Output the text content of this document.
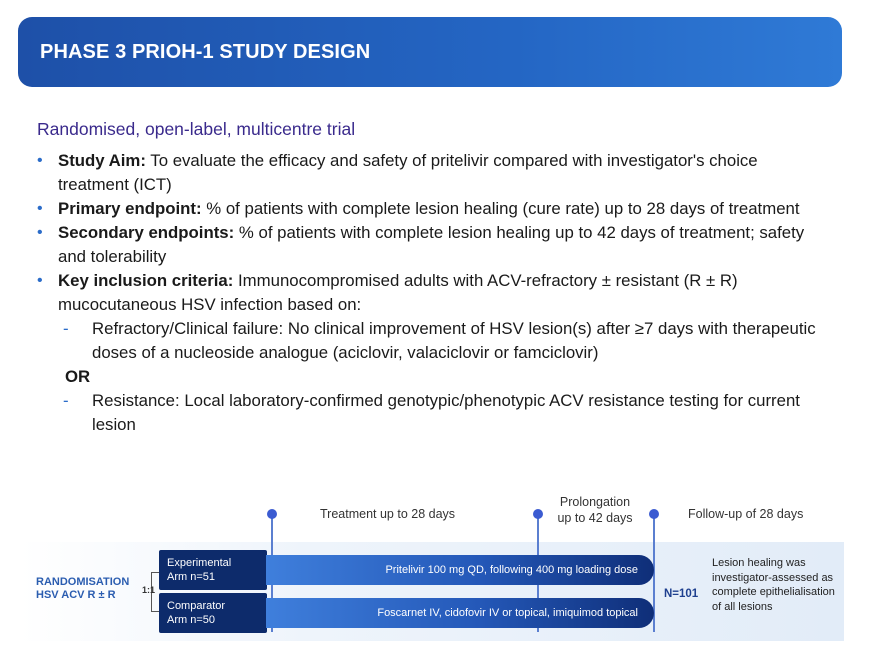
PHASE 3 PRIOH-1 STUDY DESIGN
Randomised, open-label, multicentre trial
• Study Aim: To evaluate the efficacy and safety of pritelivir compared with investigator's choice treatment (ICT)
• Primary endpoint: % of patients with complete lesion healing (cure rate) up to 28 days of treatment
• Secondary endpoints: % of patients with complete lesion healing up to 42 days of treatment; safety and tolerability
• Key inclusion criteria: Immunocompromised adults with ACV-refractory ± resistant (R ± R) mucocutaneous HSV infection based on:
- Refractory/Clinical failure: No clinical improvement of HSV lesion(s) after ≥7 days with therapeutic doses of a nucleoside analogue (aciclovir, valaciclovir or famciclovir)
OR
- Resistance: Local laboratory-confirmed genotypic/phenotypic ACV resistance testing for current lesion
Treatment up to 28 days
Prolongation
up to 42 days	Follow-up of 28 days
RANDOMISATION
HSV ACV R ± R	1:1
Experimental
Arm n=51
Pritelivir 100 mg QD, following 400 mg loading dose
Comparator
Arm n=50
Foscarnet IV, cidofovir IV or topical, imiquimod topical
N=101
Lesion healing was investigator-assessed as complete epithelialisation of all lesions
